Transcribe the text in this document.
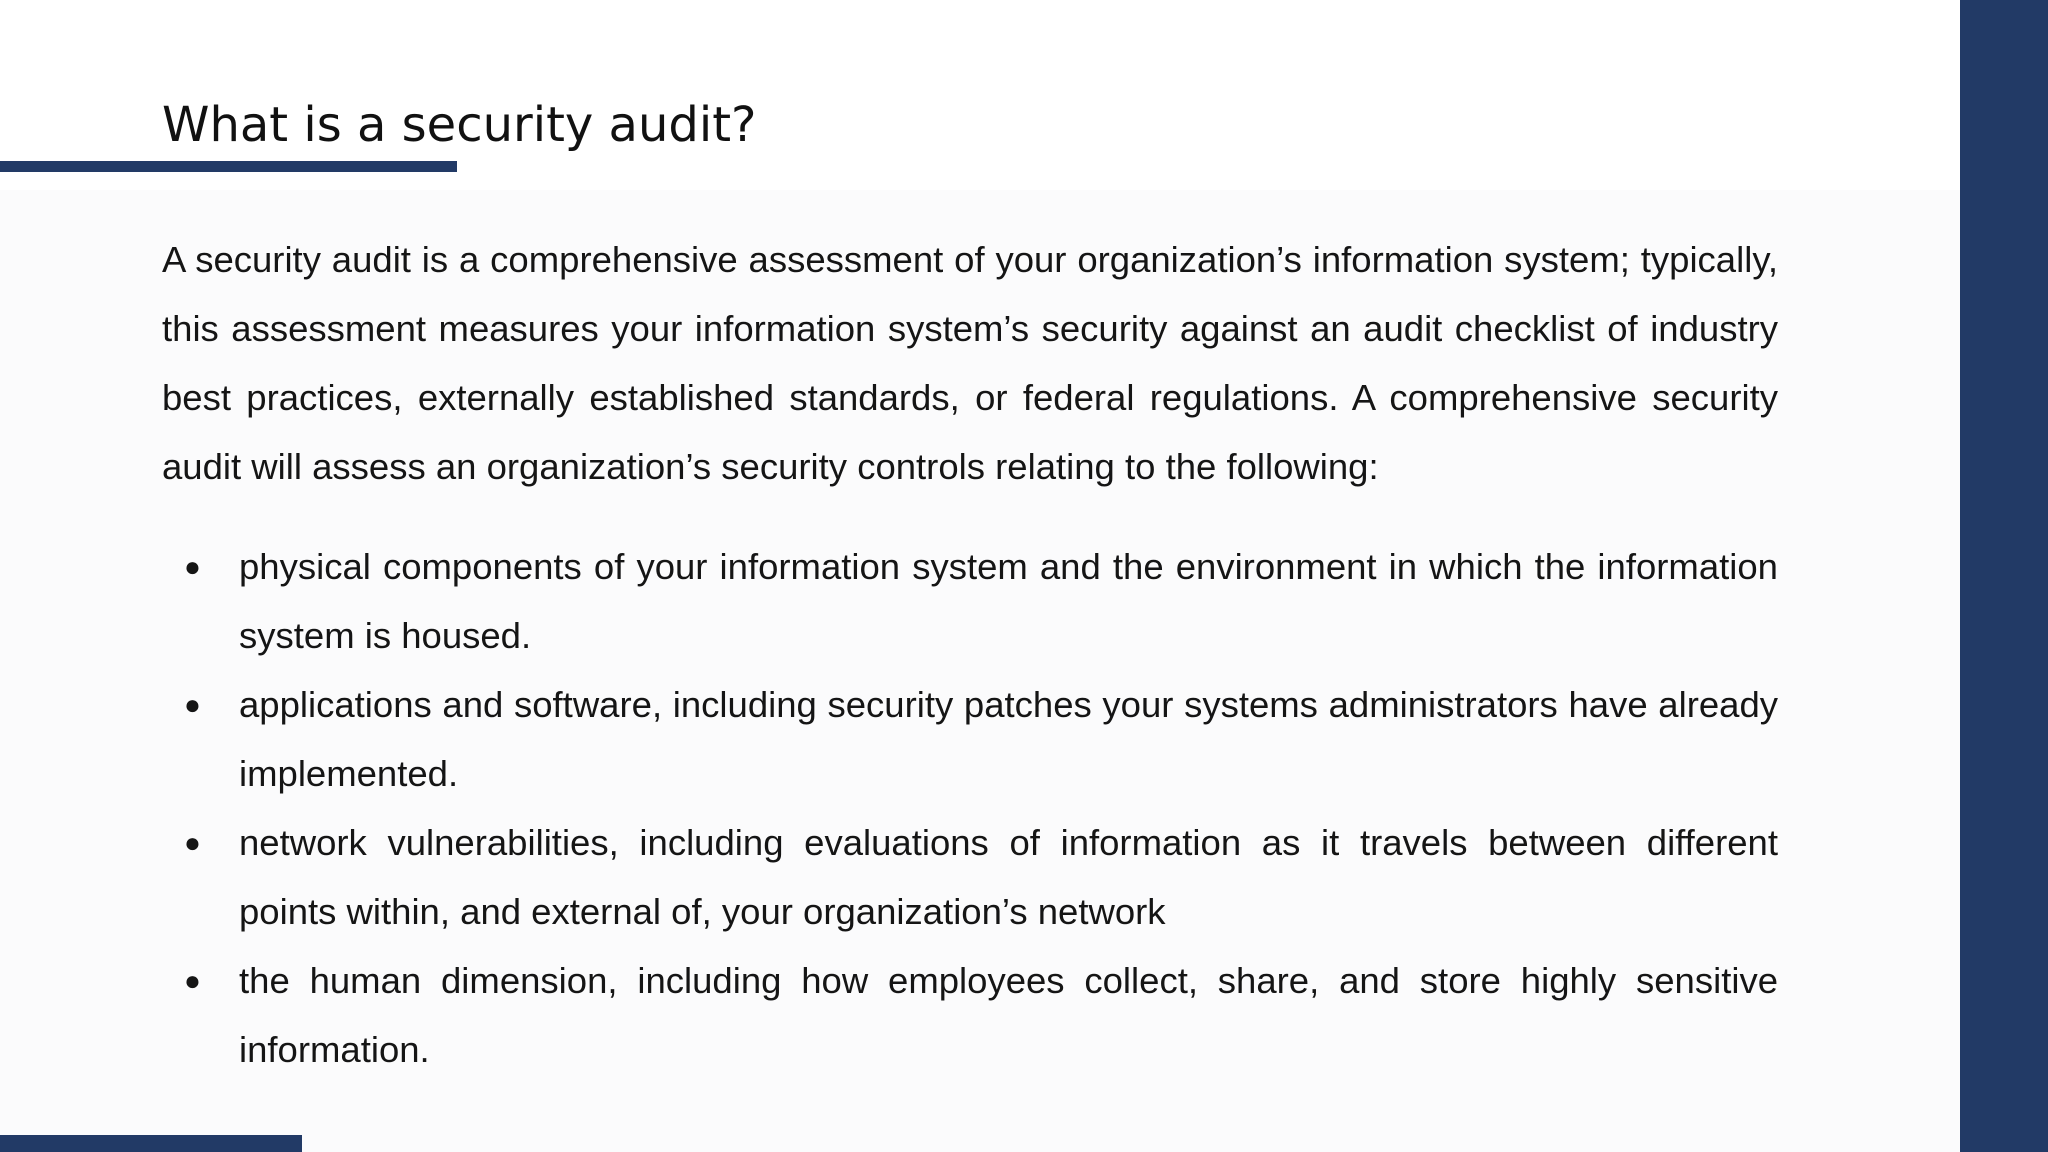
What is a security audit?

A security audit is a comprehensive assessment of your organization’s information system; typically, this assessment measures your information system’s security against an audit checklist of industry best practices, externally established standards, or federal regulations. A comprehensive security audit will assess an organization’s security controls relating to the following:

● physical components of your information system and the environment in which the information system is housed.
● applications and software, including security patches your systems administrators have already implemented.
● network vulnerabilities, including evaluations of information as it travels between different points within, and external of, your organization’s network
● the human dimension, including how employees collect, share, and store highly sensitive information.
